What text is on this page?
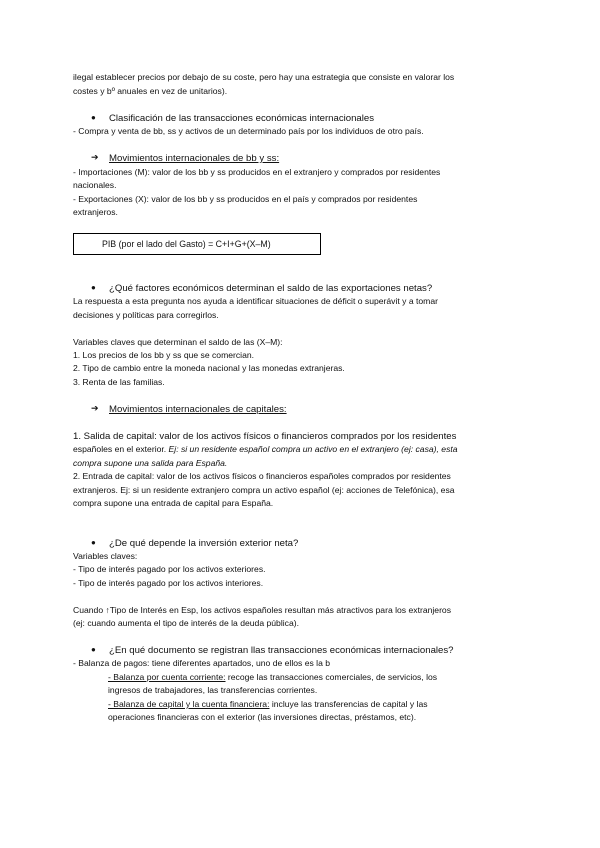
ilegal establecer precios por debajo de su coste, pero hay una estrategia que consiste en valorar los
costes y bº anuales en vez de unitarios).
● Clasificación de las transacciones económicas internacionales
- Compra y venta de bb, ss y activos de un determinado país por los individuos de otro país.
➔ Movimientos internacionales de bb y ss:
- Importaciones (M): valor de los bb y ss producidos en el extranjero y comprados por residentes
nacionales.
- Exportaciones (X): valor de los bb y ss producidos en el país y comprados por residentes
extranjeros.
PIB (por el lado del Gasto) = C+I+G+(X–M)
● ¿Qué factores económicos determinan el saldo de las exportaciones netas?
La respuesta a esta pregunta nos ayuda a identificar situaciones de déficit o superávit y a tomar
decisiones y políticas para corregirlos.
Variables claves que determinan el saldo de las (X–M):
1. Los precios de los bb y ss que se comercian.
2. Tipo de cambio entre la moneda nacional y las monedas extranjeras.
3. Renta de las familias.
➔ Movimientos internacionales de capitales:
1. Salida de capital: valor de los activos físicos o financieros comprados por los residentes
españoles en el exterior. Ej: si un residente español compra un activo en el extranjero (ej: casa), esta
compra supone una salida para España.
2. Entrada de capital: valor de los activos físicos o financieros españoles comprados por residentes
extranjeros. Ej: si un residente extranjero compra un activo español (ej: acciones de Telefónica), esa
compra supone una entrada de capital para España.
● ¿De qué depende la inversión exterior neta?
Variables claves:
- Tipo de interés pagado por los activos exteriores.
- Tipo de interés pagado por los activos interiores.
Cuando ↑Tipo de Interés en Esp, los activos españoles resultan más atractivos para los extranjeros
(ej: cuando aumenta el tipo de interés de la deuda pública).
● ¿En qué documento se registran llas transacciones económicas internacionales?
- Balanza de pagos: tiene diferentes apartados, uno de ellos es la b
- Balanza por cuenta corriente: recoge las transacciones comerciales, de servicios, los
ingresos de trabajadores, las transferencias corrientes.
- Balanza de capital y la cuenta financiera: incluye las transferencias de capital y las
operaciones financieras con el exterior (las inversiones directas, préstamos, etc).
